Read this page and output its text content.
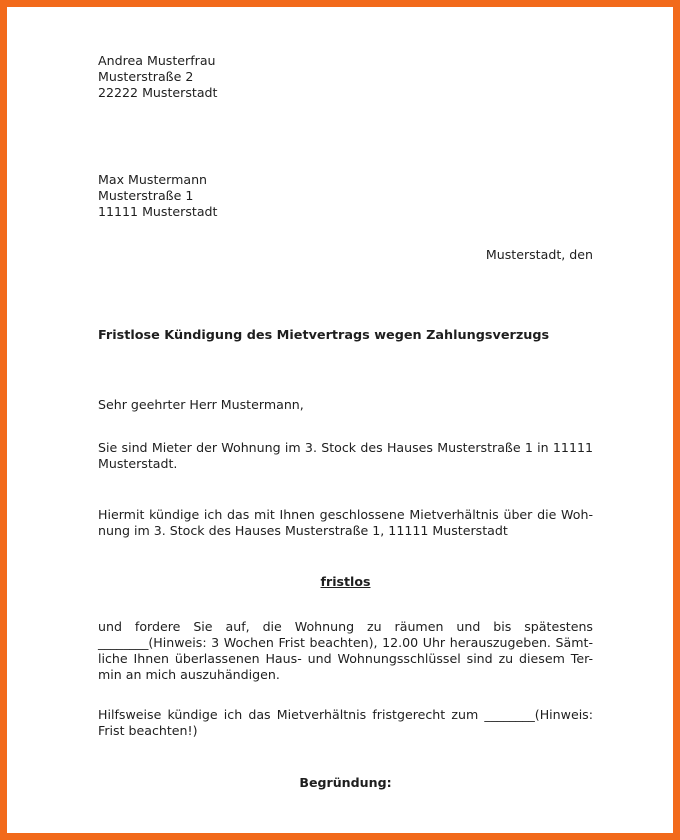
Andrea Musterfrau
Musterstraße 2
22222 Musterstadt
Max Mustermann
Musterstraße 1
11111 Musterstadt
Musterstadt, den
Fristlose Kündigung des Mietvertrags wegen Zahlungsverzugs
Sehr geehrter Herr Mustermann,
Sie sind Mieter der Wohnung im 3. Stock des Hauses Musterstraße 1 in 11111
Musterstadt.
Hiermit kündige ich das mit Ihnen geschlossene Mietverhältnis über die Woh-
nung im 3. Stock des Hauses Musterstraße 1, 11111 Musterstadt
fristlos
und fordere Sie auf, die Wohnung zu räumen und bis spätestens
________(Hinweis: 3 Wochen Frist beachten), 12.00 Uhr herauszugeben. Sämt-
liche Ihnen überlassenen Haus- und Wohnungsschlüssel sind zu diesem Ter-
min an mich auszuhändigen.
Hilfsweise kündige ich das Mietverhältnis fristgerecht zum ________(Hinweis:
Frist beachten!)
Begründung:
